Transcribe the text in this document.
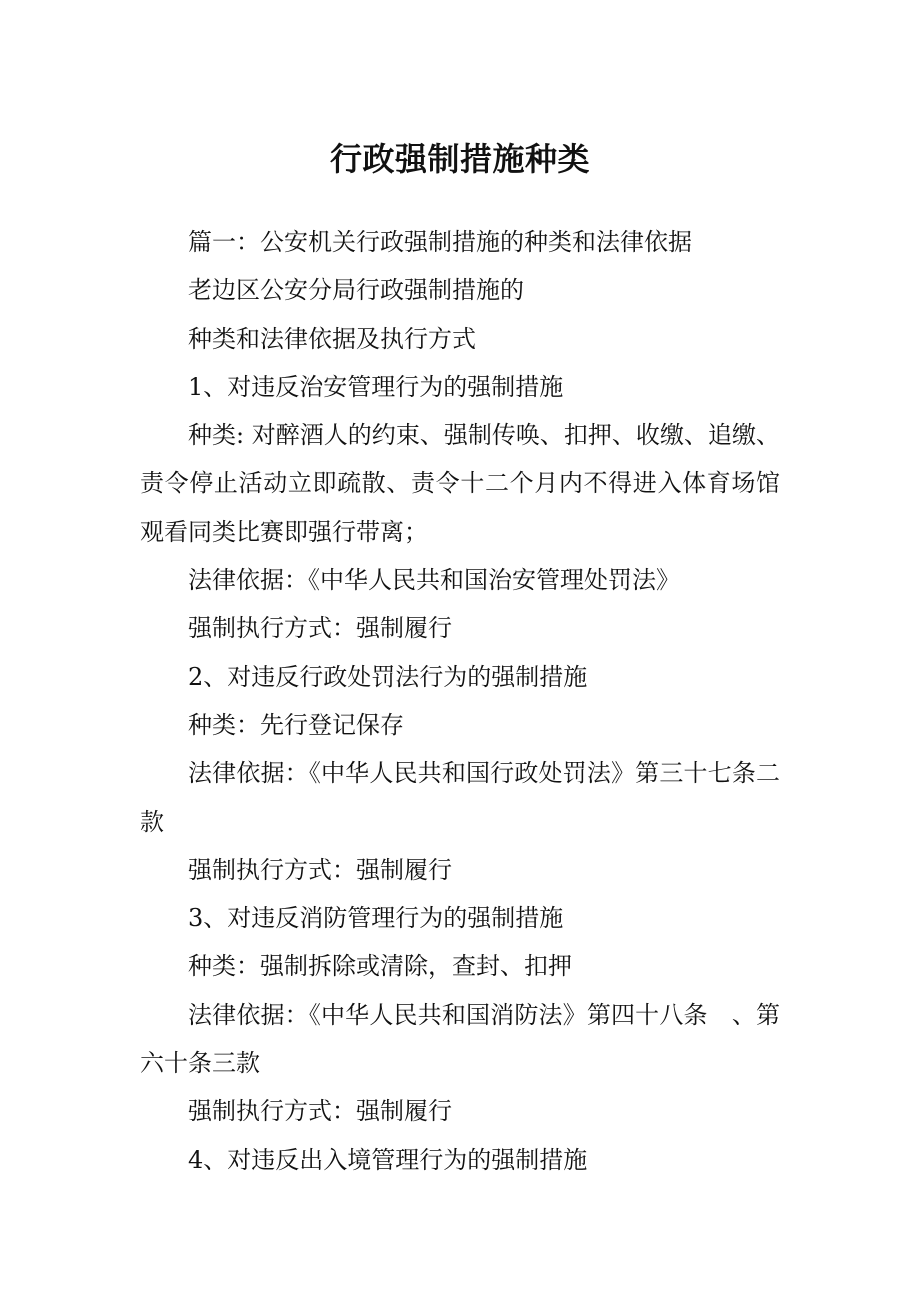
行政强制措施种类

篇一：公安机关行政强制措施的种类和法律依据

老边区公安分局行政强制措施的

种类和法律依据及执行方式

1、对违反治安管理行为的强制措施

种类: 对醉酒人的约束、强制传唤、扣押、收缴、追缴、责令停止活动立即疏散、责令十二个月内不得进入体育场馆观看同类比赛即强行带离；

法律依据：《中华人民共和国治安管理处罚法》

强制执行方式：强制履行

2、对违反行政处罚法行为的强制措施

种类：先行登记保存

法律依据：《中华人民共和国行政处罚法》第三十七条二款

强制执行方式：强制履行

3、对违反消防管理行为的强制措施

种类：强制拆除或清除，查封、扣押

法律依据：《中华人民共和国消防法》第四十八条　、第六十条三款

强制执行方式：强制履行

4、对违反出入境管理行为的强制措施
